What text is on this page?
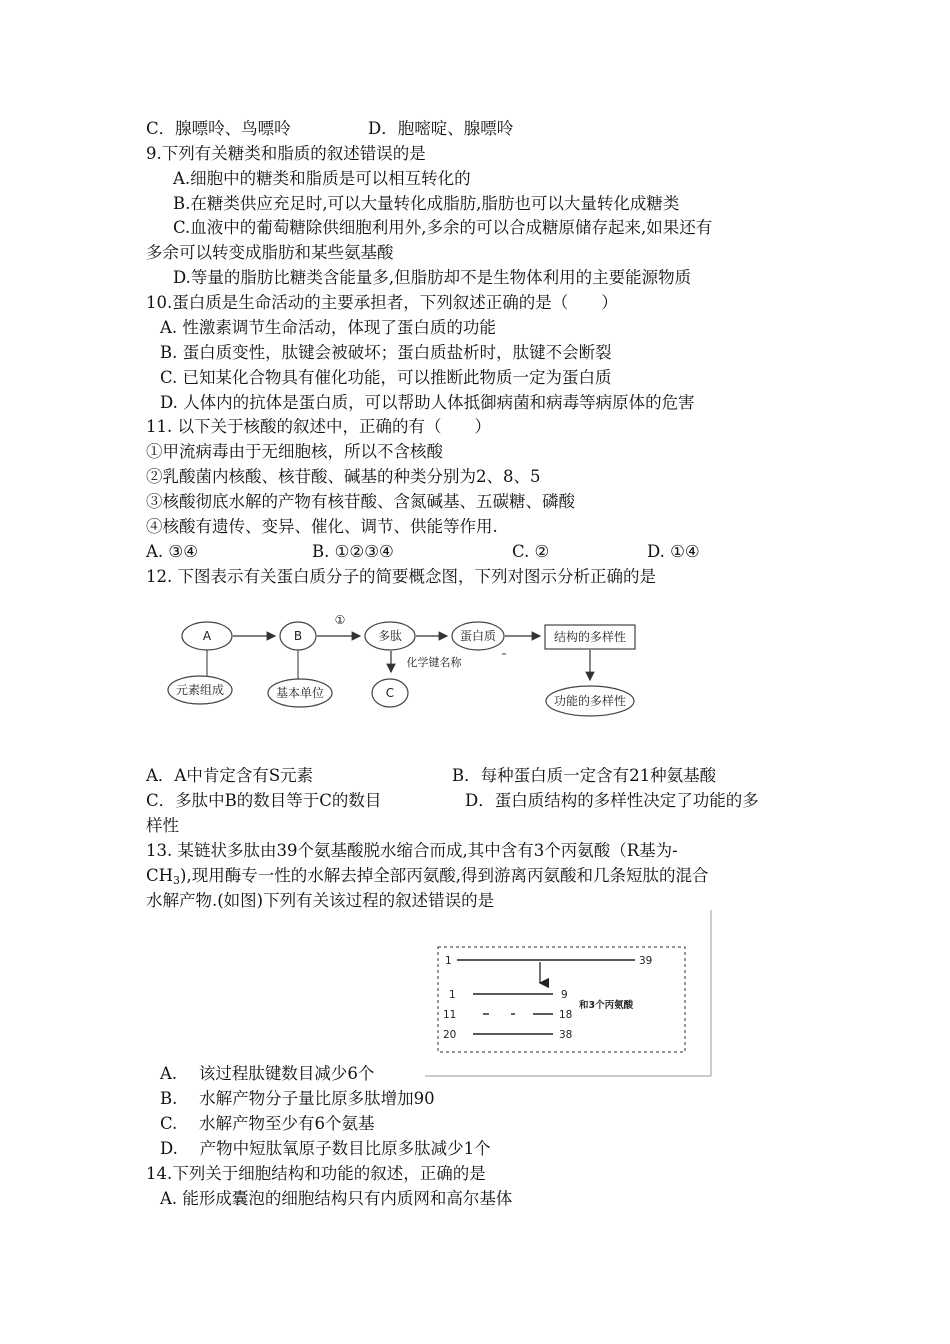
C．腺嘌呤、鸟嘌呤	D．胞嘧啶、腺嘌呤
9.下列有关糖类和脂质的叙述错误的是
A.细胞中的糖类和脂质是可以相互转化的
B.在糖类供应充足时,可以大量转化成脂肪,脂肪也可以大量转化成糖类
C.血液中的葡萄糖除供细胞利用外,多余的可以合成糖原储存起来,如果还有
多余可以转变成脂肪和某些氨基酸
D.等量的脂肪比糖类含能量多,但脂肪却不是生物体利用的主要能源物质
10.蛋白质是生命活动的主要承担者，下列叙述正确的是（　　）
A. 性激素调节生命活动，体现了蛋白质的功能
B. 蛋白质变性，肽键会被破坏；蛋白质盐析时，肽键不会断裂
C. 已知某化合物具有催化功能，可以推断此物质一定为蛋白质
D. 人体内的抗体是蛋白质，可以帮助人体抵御病菌和病毒等病原体的危害
11. 以下关于核酸的叙述中，正确的有（　　）
①甲流病毒由于无细胞核，所以不含核酸
②乳酸菌内核酸、核苷酸、碱基的种类分别为2、8、5
③核酸彻底水解的产物有核苷酸、含氮碱基、五碳糖、磷酸
④核酸有遗传、变异、催化、调节、供能等作用.
A. ③④	B. ①②③④	C. ②	D. ①④
12. 下图表示有关蛋白质分子的简要概念图，下列对图示分析正确的是
A	B	多肽	蛋白质	结构的多样性
元素组成	基本单位	C
功能的多样性
①
化学键名称
A．A中肯定含有S元素	B．每种蛋白质一定含有21种氨基酸
C．多肽中B的数目等于C的数目	D．蛋白质结构的多样性决定了功能的多
样性
13. 某链状多肽由39个氨基酸脱水缩合而成,其中含有3个丙氨酸（R基为-
$CH_3$),现用酶专一性的水解去掉全部丙氨酸,得到游离丙氨酸和几条短肽的混合
水解产物.(如图)下列有关该过程的叙述错误的是
1	39
1	9
和3个丙氨酸
11	18
20	38
A.　 该过程肽键数目减少6个
B.　 水解产物分子量比原多肽增加90
C.　 水解产物至少有6个氨基
D.　 产物中短肽氧原子数目比原多肽减少1个
14.下列关于细胞结构和功能的叙述，正确的是
A. 能形成囊泡的细胞结构只有内质网和高尔基体
